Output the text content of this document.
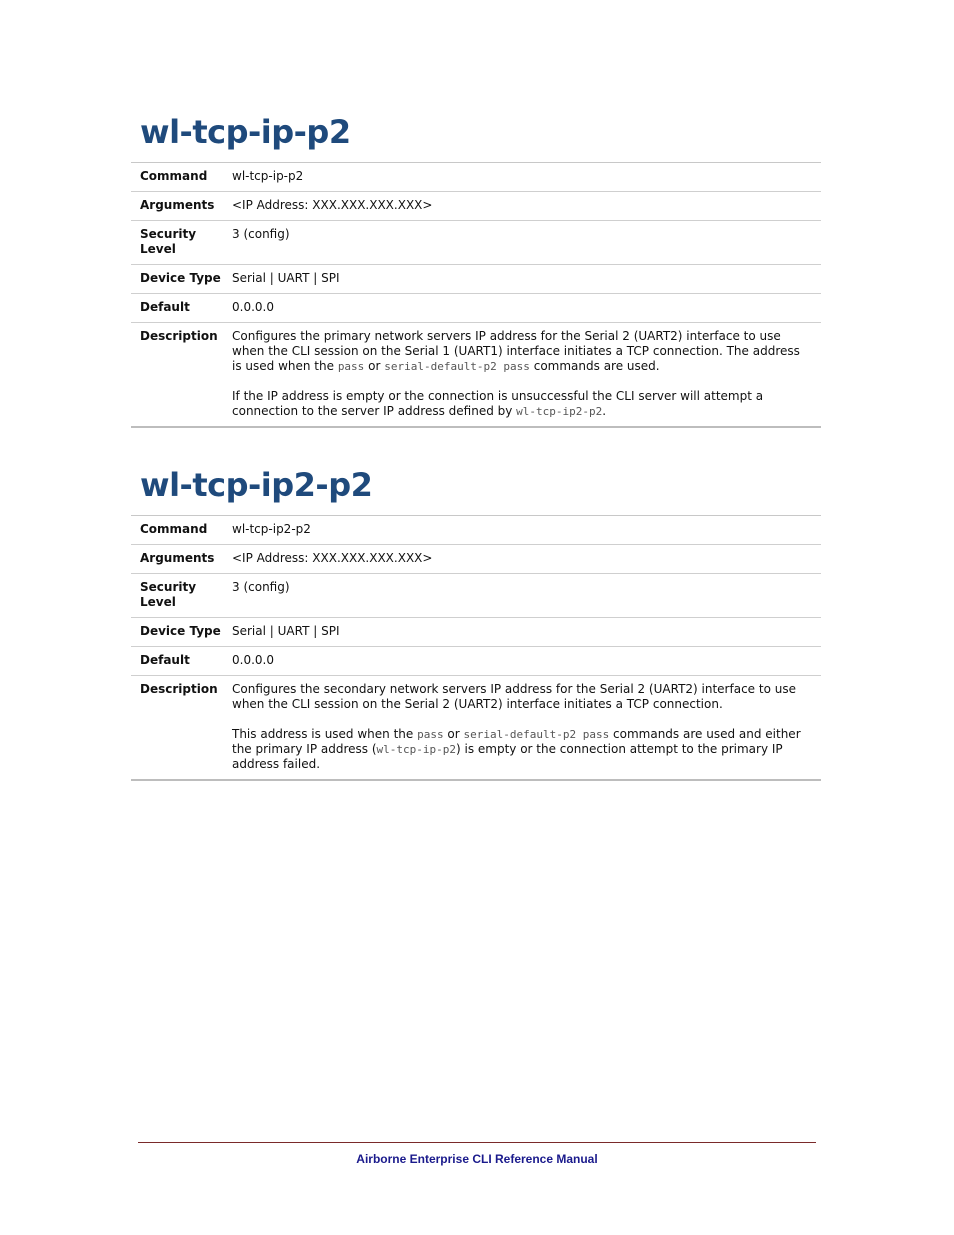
wl-tcp-ip-p2
Command	wl-tcp-ip-p2
Arguments	<IP Address: XXX.XXX.XXX.XXX>
Security Level	3 (config)
Device Type	Serial | UART | SPI
Default	0.0.0.0
Description	Configures the primary network servers IP address for the Serial 2 (UART2) interface to use when the CLI session on the Serial 1 (UART1) interface initiates a TCP connection. The address is used when the pass or serial-default-p2 pass commands are used.

If the IP address is empty or the connection is unsuccessful the CLI server will attempt a connection to the server IP address defined by wl-tcp-ip2-p2.

wl-tcp-ip2-p2
Command	wl-tcp-ip2-p2
Arguments	<IP Address: XXX.XXX.XXX.XXX>
Security Level	3 (config)
Device Type	Serial | UART | SPI
Default	0.0.0.0
Description	Configures the secondary network servers IP address for the Serial 2 (UART2) interface to use when the CLI session on the Serial 2 (UART2) interface initiates a TCP connection.

This address is used when the pass or serial-default-p2 pass commands are used and either the primary IP address (wl-tcp-ip-p2) is empty or the connection attempt to the primary IP address failed.

Airborne Enterprise CLI Reference Manual
